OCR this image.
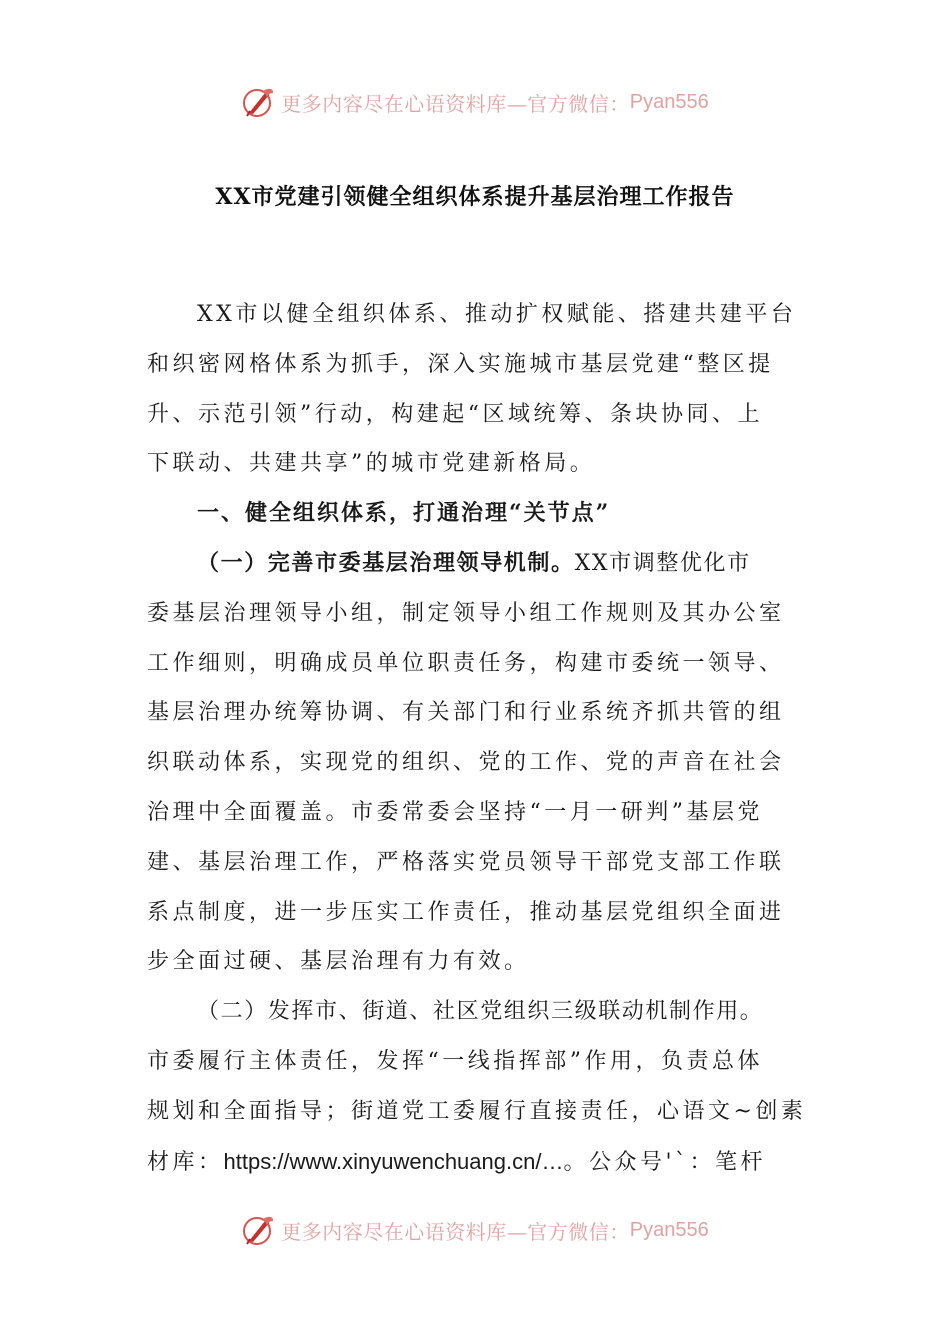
更多内容尽在心语资料库—官方微信： Pyan556
XX市党建引领健全组织体系提升基层治理工作报告
XX市以健全组织体系、推动扩权赋能、搭建共建平台
和织密网格体系为抓手，深入实施城市基层党建“整区提
升、示范引领”行动，构建起“区域统筹、条块协同、上
下联动、共建共享”的城市党建新格局。
一、健全组织体系，打通治理“关节点”
（一）完善市委基层治理领导机制。XX市调整优化市
委基层治理领导小组，制定领导小组工作规则及其办公室
工作细则，明确成员单位职责任务，构建市委统一领导、
基层治理办统筹协调、有关部门和行业系统齐抓共管的组
织联动体系，实现党的组织、党的工作、党的声音在社会
治理中全面覆盖。市委常委会坚持“一月一研判”基层党
建、基层治理工作，严格落实党员领导干部党支部工作联
系点制度，进一步压实工作责任，推动基层党组织全面进
步全面过硬、基层治理有力有效。
（二）发挥市、街道、社区党组织三级联动机制作用。
市委履行主体责任，发挥“一线指挥部”作用，负责总体
规划和全面指导；街道党工委履行直接责任，心语文~创素
材库：https://www.xinyuwenchuang.cn/…。公众号'`：笔杆
更多内容尽在心语资料库—官方微信： Pyan556
